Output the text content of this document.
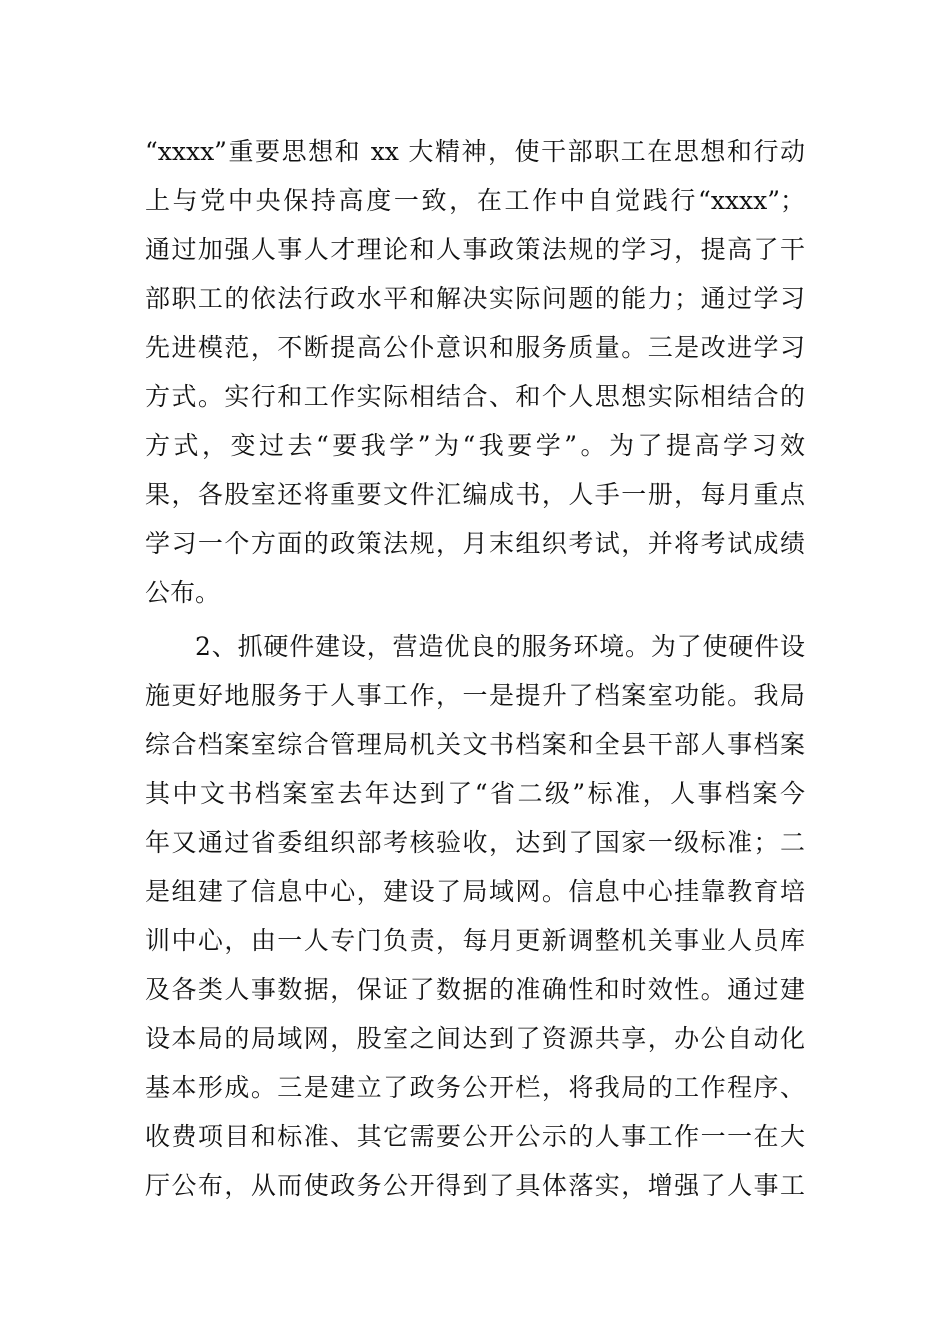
“xxxx”重要思想和 xx 大精神，使干部职工在思想和行动
上与党中央保持高度一致，在工作中自觉践行“xxxx”；
通过加强人事人才理论和人事政策法规的学习，提高了干
部职工的依法行政水平和解决实际问题的能力；通过学习
先进模范，不断提高公仆意识和服务质量。三是改进学习
方式。实行和工作实际相结合、和个人思想实际相结合的
方式，变过去“要我学”为“我要学”。为了提高学习效
果，各股室还将重要文件汇编成书，人手一册，每月重点
学习一个方面的政策法规，月末组织考试，并将考试成绩
公布。
2、抓硬件建设，营造优良的服务环境。为了使硬件设
施更好地服务于人事工作，一是提升了档案室功能。我局
综合档案室综合管理局机关文书档案和全县干部人事档案
其中文书档案室去年达到了“省二级”标准，人事档案今
年又通过省委组织部考核验收，达到了国家一级标准；二
是组建了信息中心，建设了局域网。信息中心挂靠教育培
训中心，由一人专门负责，每月更新调整机关事业人员库
及各类人事数据，保证了数据的准确性和时效性。通过建
设本局的局域网，股室之间达到了资源共享，办公自动化
基本形成。三是建立了政务公开栏，将我局的工作程序、
收费项目和标准、其它需要公开公示的人事工作一一在大
厅公布，从而使政务公开得到了具体落实，增强了人事工
